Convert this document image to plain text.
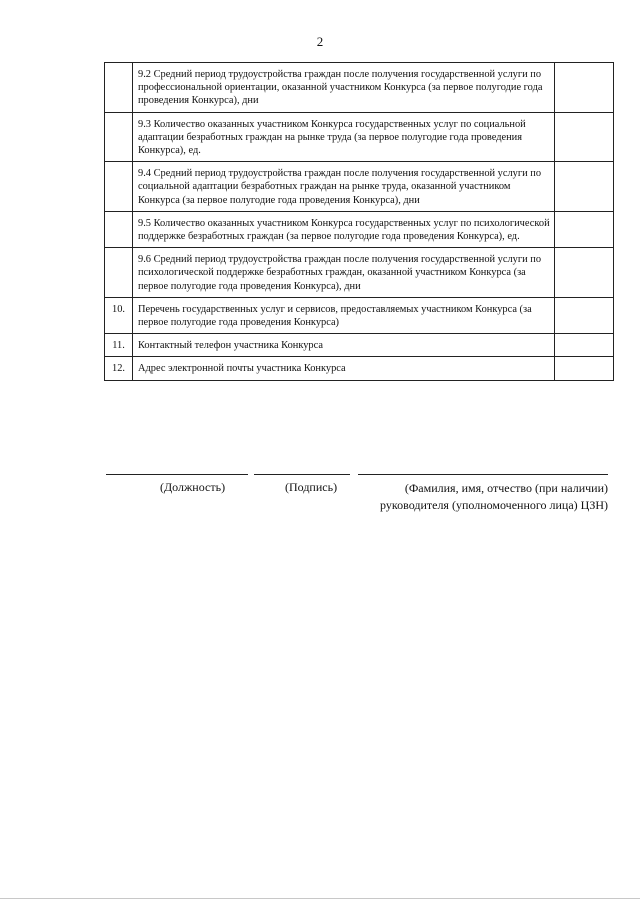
2
	9.2 Средний период трудоустройства граждан после получения государственной услуги по профессиональной ориентации, оказанной участником Конкурса (за первое полугодие года проведения Конкурса), дни	
	9.3 Количество оказанных участником Конкурса государственных услуг по социальной адаптации безработных граждан на рынке труда (за первое полугодие года проведения Конкурса), ед.	
	9.4 Средний период трудоустройства граждан после получения государственной услуги по социальной адаптации безработных граждан на рынке труда, оказанной участником Конкурса (за первое полугодие года проведения Конкурса), дни	
	9.5 Количество оказанных участником Конкурса государственных услуг по психологической поддержке безработных граждан (за первое полугодие года проведения Конкурса), ед.	
	9.6 Средний период трудоустройства граждан после получения государственной услуги по психологической поддержке безработных граждан, оказанной участником Конкурса (за первое полугодие года проведения Конкурса), дни	
10.	Перечень государственных услуг и сервисов, предоставляемых участником Конкурса (за первое полугодие года проведения Конкурса)	
11.	Контактный телефон участника Конкурса	
12.	Адрес электронной почты участника Конкурса	
(Должность)	(Подпись)	(Фамилия, имя, отчество (при наличии)
руководителя (уполномоченного лица) ЦЗН)
